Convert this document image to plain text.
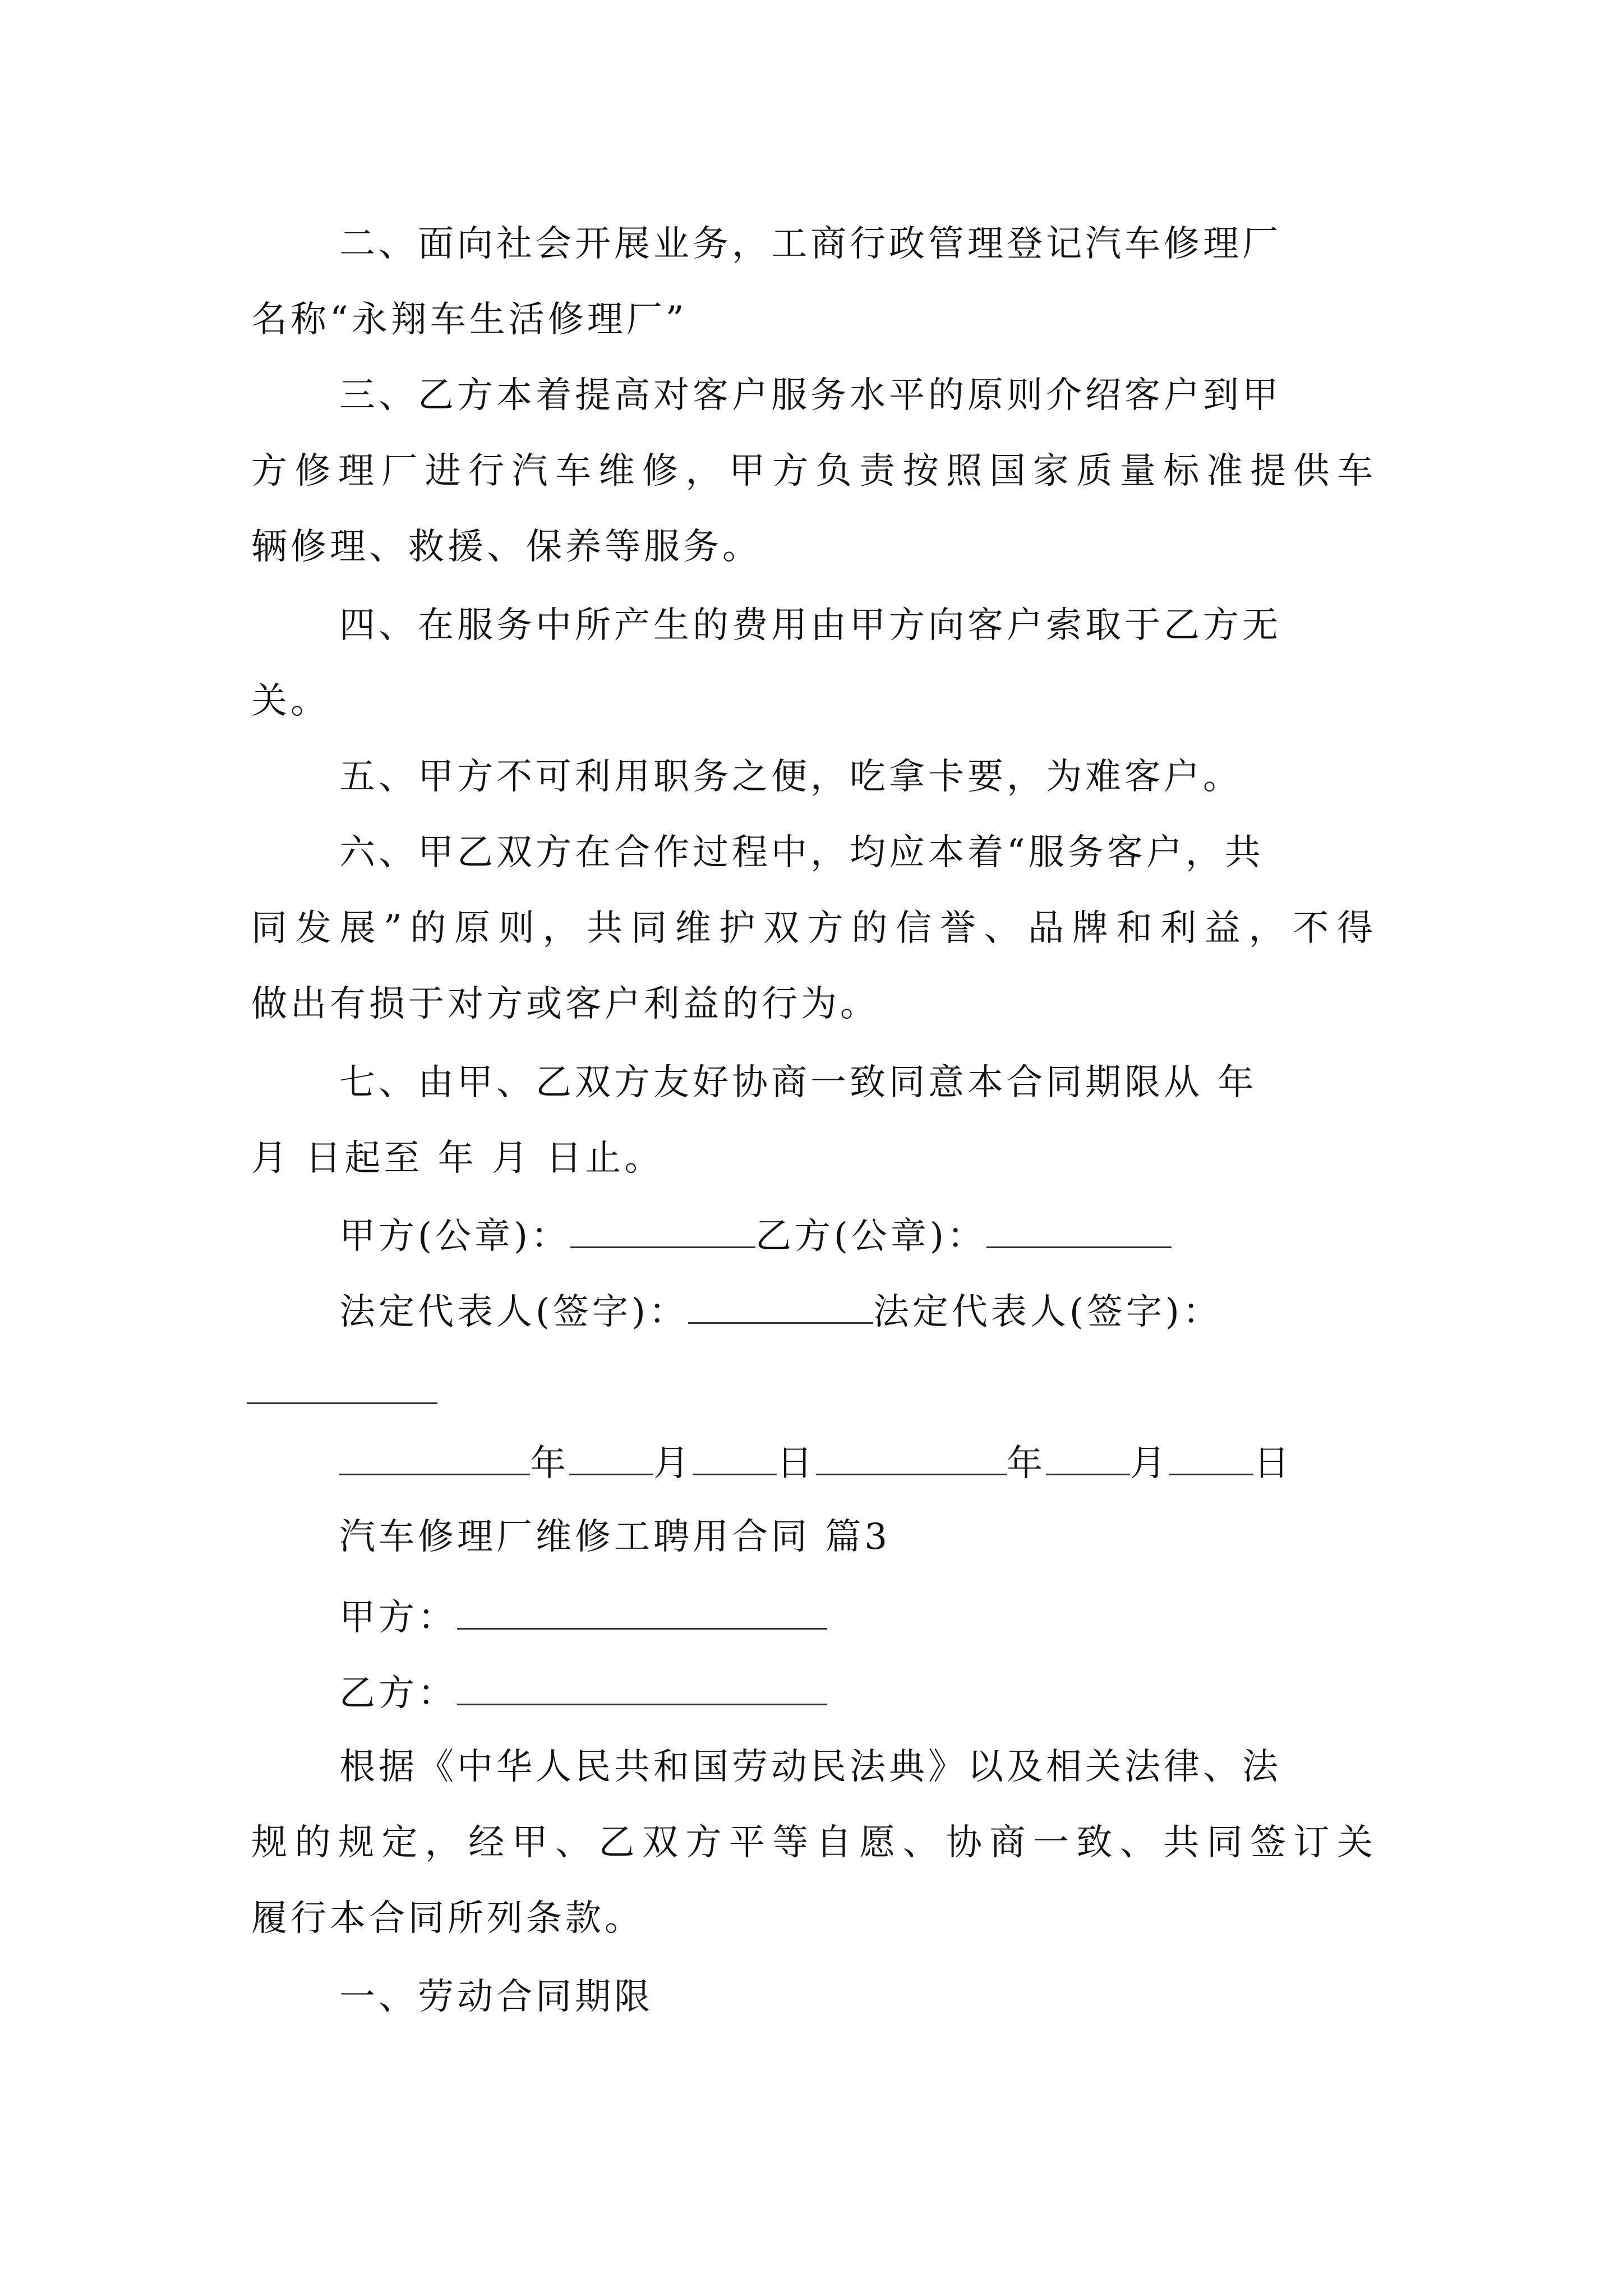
二、面向社会开展业务，工商行政管理登记汽车修理厂
名称“永翔车生活修理厂”
三、乙方本着提高对客户服务水平的原则介绍客户到甲
方修理厂进行汽车维修，甲方负责按照国家质量标准提供车
辆修理、救援、保养等服务。
四、在服务中所产生的费用由甲方向客户索取于乙方无
关。
五、甲方不可利用职务之便，吃拿卡要，为难客户。
六、甲乙双方在合作过程中，均应本着“服务客户，共
同发展”的原则，共同维护双方的信誉、品牌和利益，不得
做出有损于对方或客户利益的行为。
七、由甲、乙双方友好协商一致同意本合同期限从 年
月 日起至 年 月 日止。
甲方(公章)：	乙方(公章)：
法定代表人(签字)：	法定代表人(签字)：
年 月 日	年 月 日
汽车修理厂维修工聘用合同 篇3
甲方：
乙方：
根据《中华人民共和国劳动民法典》以及相关法律、法
规的规定，经甲、乙双方平等自愿、协商一致、共同签订关
履行本合同所列条款。
一、劳动合同期限
